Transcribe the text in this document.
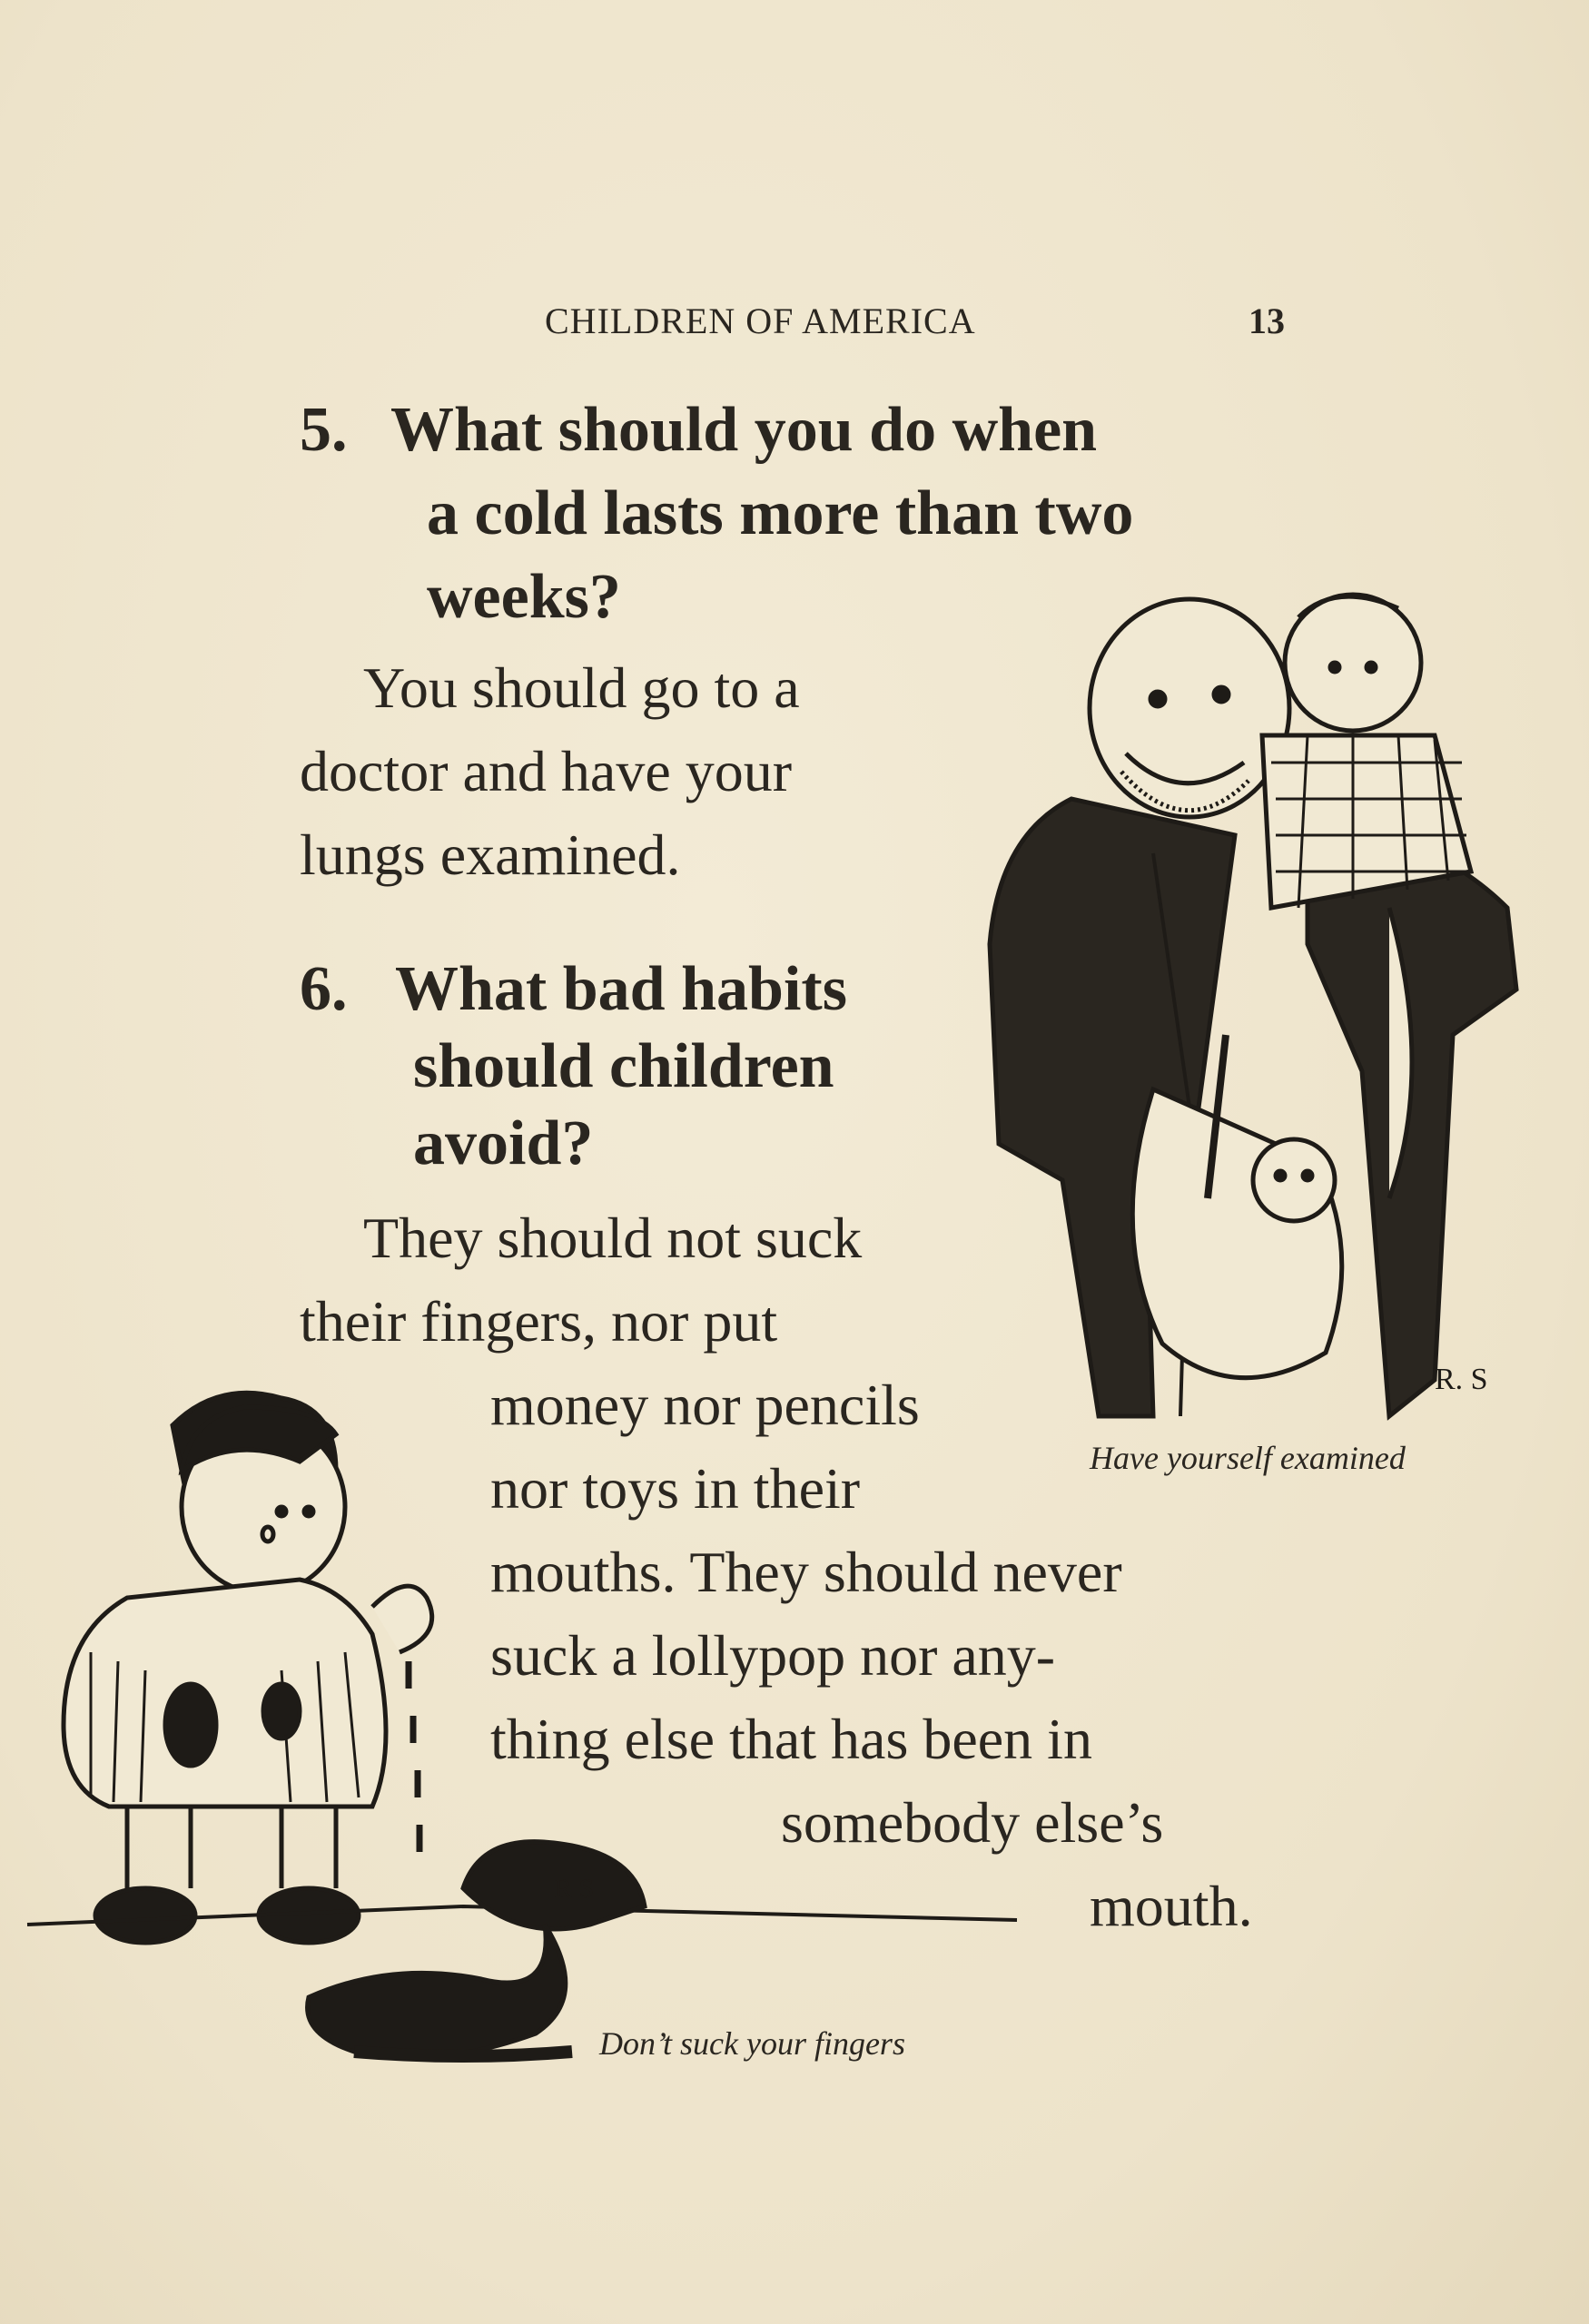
CHILDREN OF AMERICA	13
5. What should you do when
a cold lasts more than two
weeks?
You should go to a
doctor and have your
lungs examined.
6. What bad habits
should children
avoid?
They should not suck
their fingers, nor put
money nor pencils
nor toys in their
mouths. They should never
suck a lollypop nor any-
thing else that has been in
somebody else’s
mouth.
R. S
Have yourself examined
R S
Don’t suck your fingers
